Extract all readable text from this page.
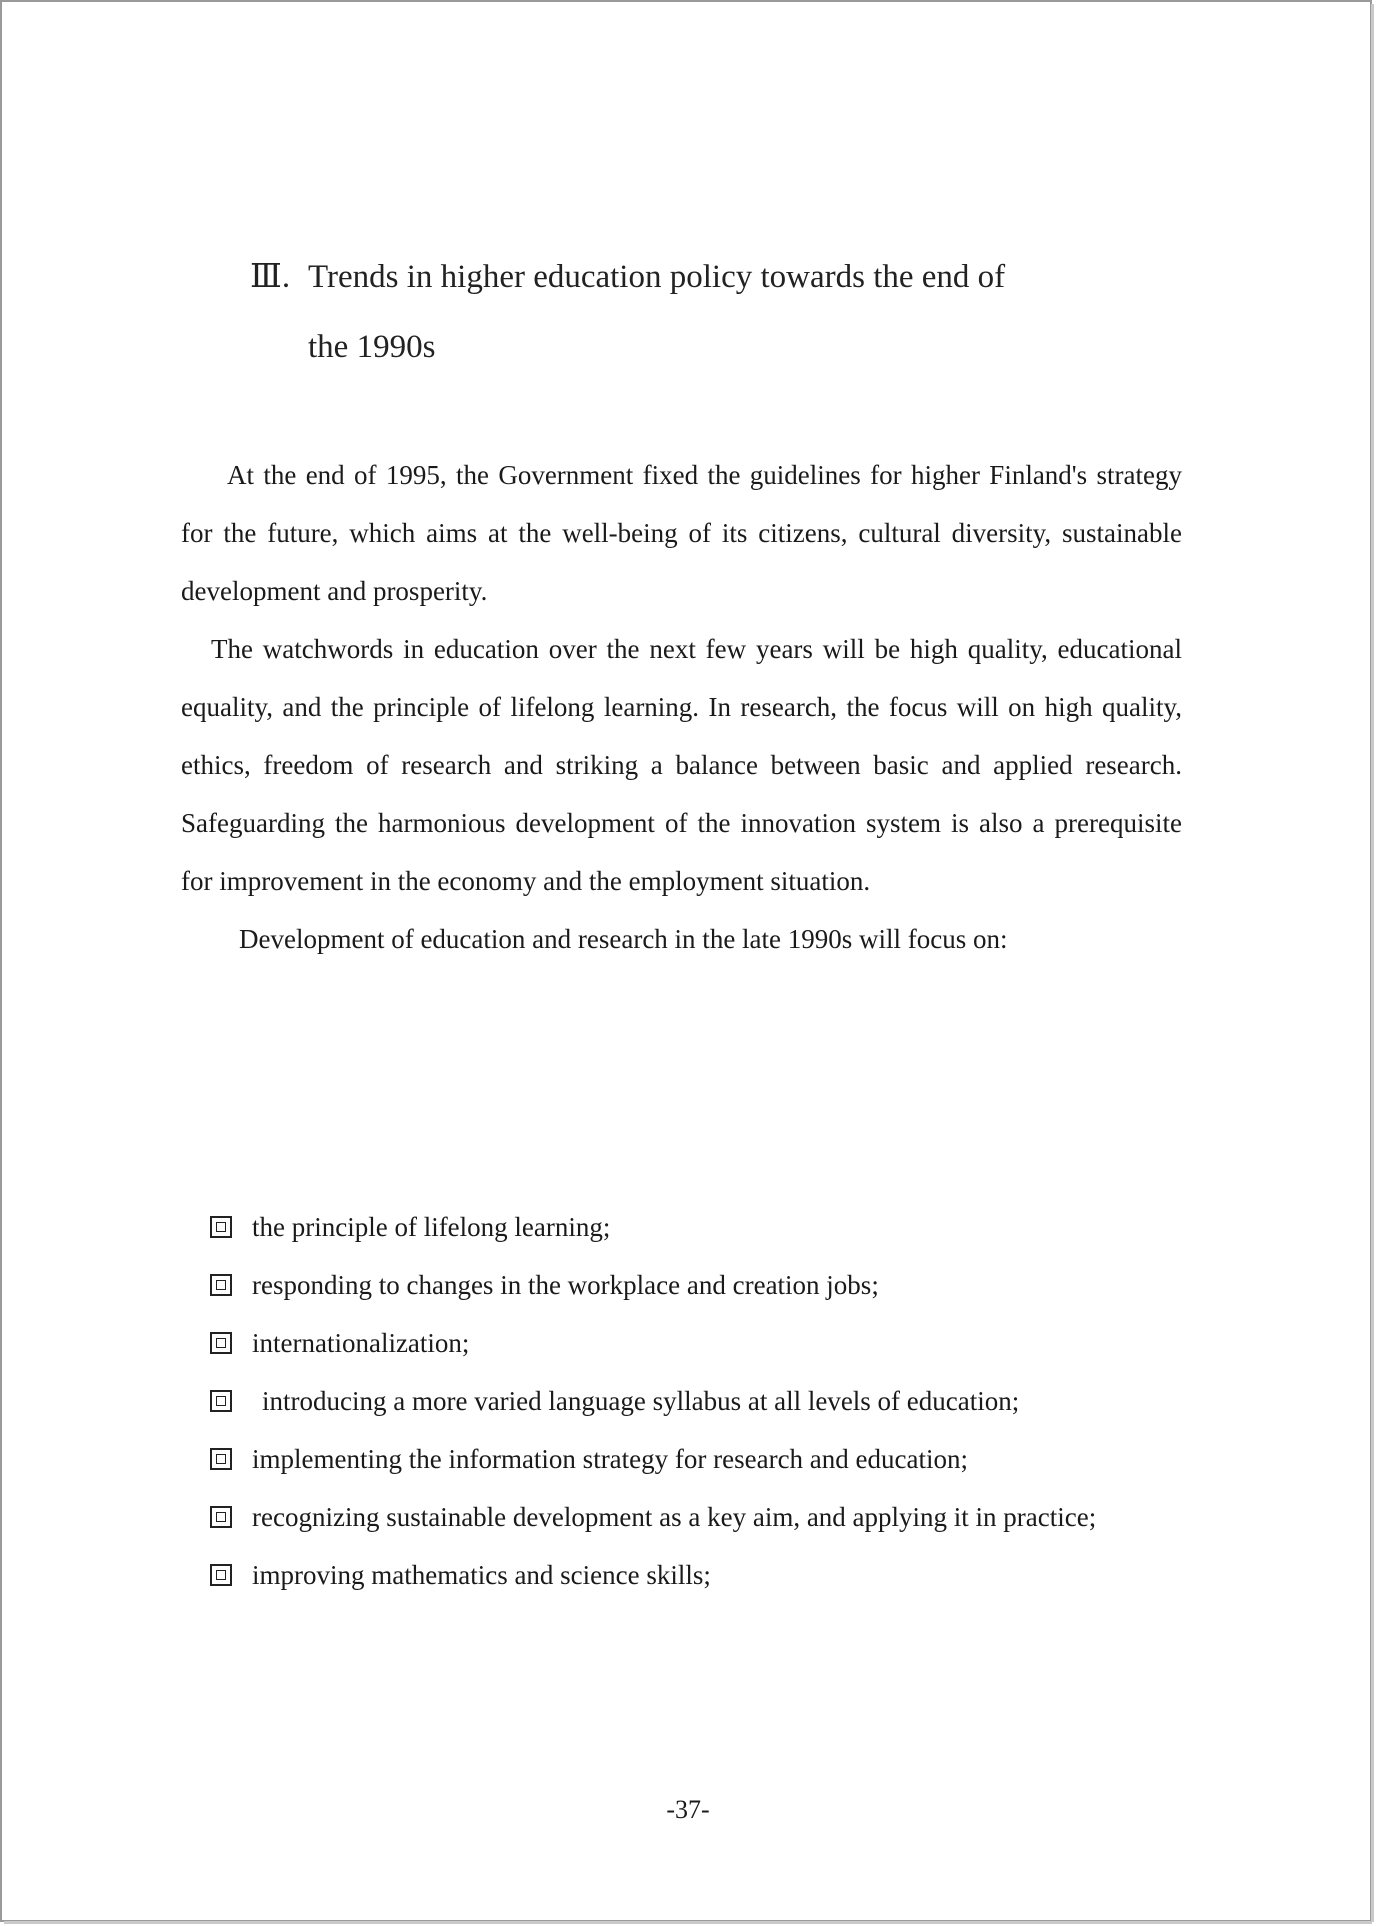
Ⅲ. Trends in higher education policy towards the end of
the 1990s

At the end of 1995, the Government fixed the guidelines for higher Finland's strategy for the future, which aims at the well-being of its citizens, cultural diversity, sustainable development and prosperity.

The watchwords in education over the next few years will be high quality, educational equality, and the principle of lifelong learning. In research, the focus will on high quality, ethics, freedom of research and striking a balance between basic and applied research. Safeguarding the harmonious development of the innovation system is also a prerequisite for improvement in the economy and the employment situation.

Development of education and research in the late 1990s will focus on:

the principle of lifelong learning;
responding to changes in the workplace and creation jobs;
internationalization;
introducing a more varied language syllabus at all levels of education;
implementing the information strategy for research and education;
recognizing sustainable development as a key aim, and applying it in practice;
improving mathematics and science skills;
-37-
